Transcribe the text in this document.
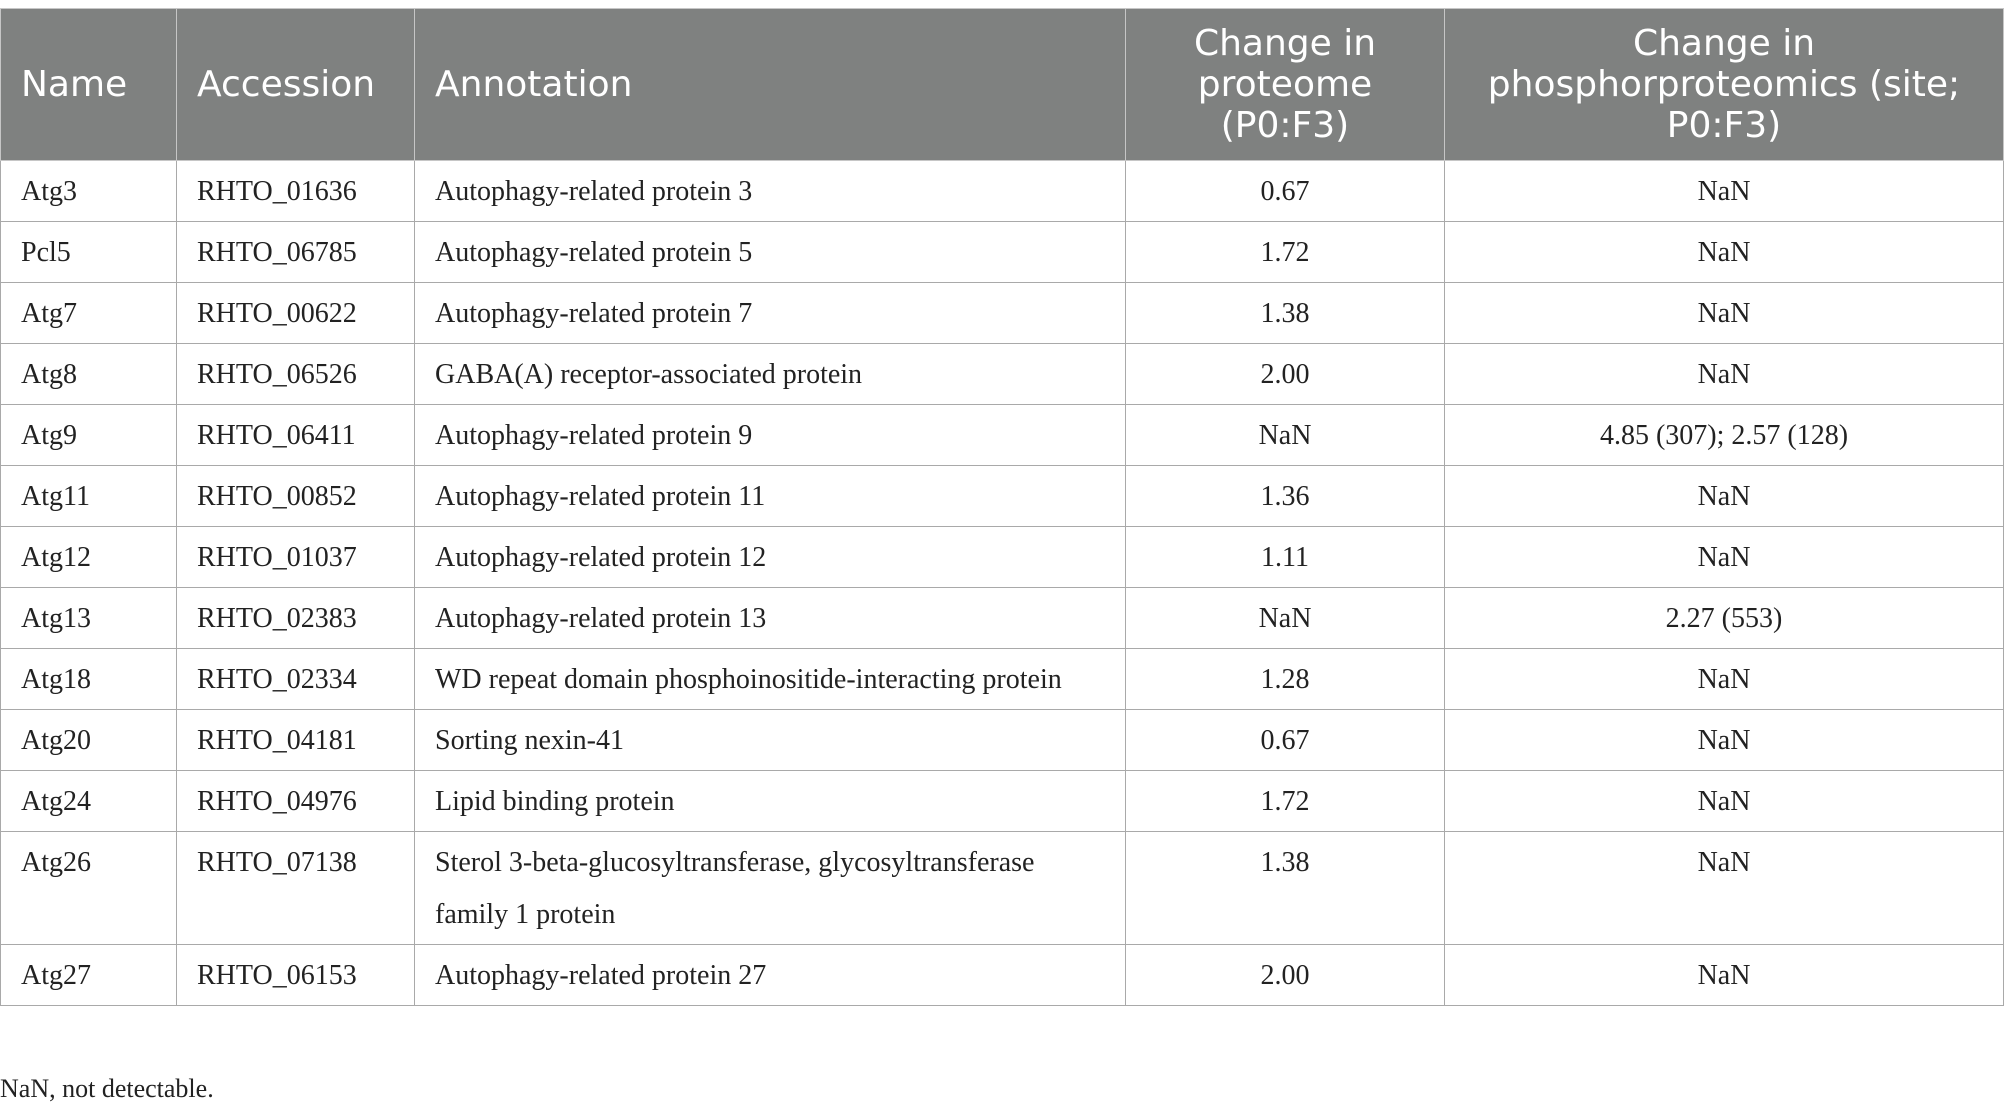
Name	Accession	Annotation	Change in proteome (P0:F3)	Change in phosphorproteomics (site; P0:F3)
Atg3	RHTO_01636	Autophagy-related protein 3	0.67	NaN
Pcl5	RHTO_06785	Autophagy-related protein 5	1.72	NaN
Atg7	RHTO_00622	Autophagy-related protein 7	1.38	NaN
Atg8	RHTO_06526	GABA(A) receptor-associated protein	2.00	NaN
Atg9	RHTO_06411	Autophagy-related protein 9	NaN	4.85 (307); 2.57 (128)
Atg11	RHTO_00852	Autophagy-related protein 11	1.36	NaN
Atg12	RHTO_01037	Autophagy-related protein 12	1.11	NaN
Atg13	RHTO_02383	Autophagy-related protein 13	NaN	2.27 (553)
Atg18	RHTO_02334	WD repeat domain phosphoinositide-interacting protein	1.28	NaN
Atg20	RHTO_04181	Sorting nexin-41	0.67	NaN
Atg24	RHTO_04976	Lipid binding protein	1.72	NaN
Atg26	RHTO_07138	Sterol 3-beta-glucosyltransferase, glycosyltransferase family 1 protein	1.38	NaN
Atg27	RHTO_06153	Autophagy-related protein 27	2.00	NaN
NaN, not detectable.
